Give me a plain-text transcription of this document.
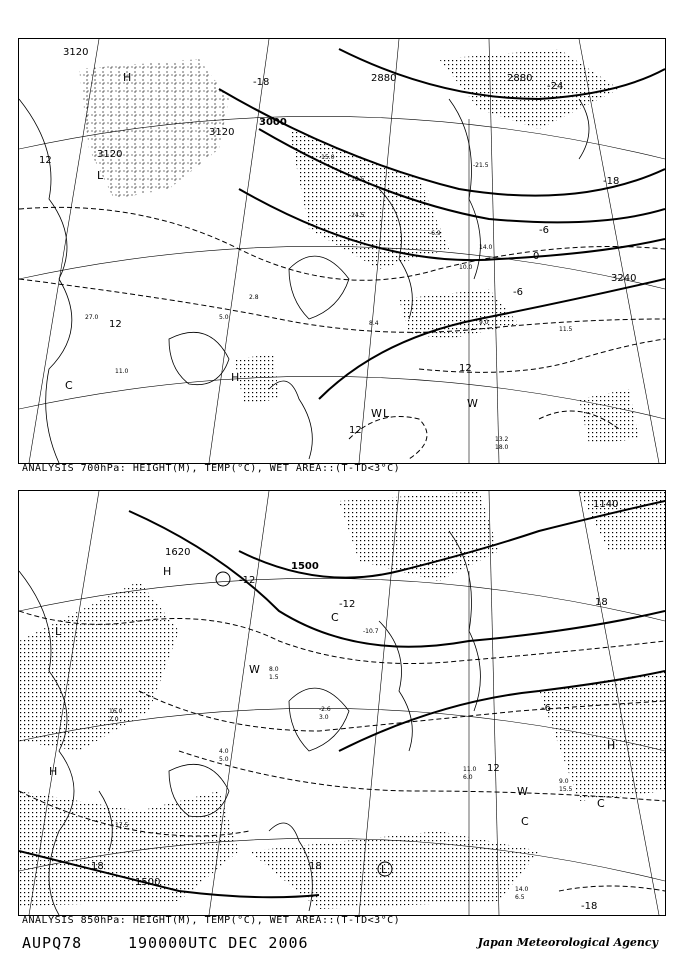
3120
3120
3120
3000
2880	2880
3240
-18	-24
-18
-6
0
-6
12
12
12
12
H
L
C
H
W L
W
-15.0
-18.5
14.0
9.0
11.5
13.2
18.0
27.0
-6.9
10.0
-21.5
-24.5
8.4
11.0
2.8
5.0
ANALYSIS 700hPa: HEIGHT(M), TEMP(°C), WET AREA::(T-TD<3°C)
1620
1500
1140
1500
-12
-12
18
-6
12
18
18
-18
H
L
C
W
H
C
W
C
H
L
-10.7
11.0
6.0
9.0
15.5
17.5
4.0
5.0
-2.6
3.0
8.0
1.5
16.0
2.0
14.0
6.5
ANALYSIS 850hPa: HEIGHT(M), TEMP(°C), WET AREA::(T-TD<3°C)
AUPQ78	190000UTC DEC 2006	Japan Meteorological Agency
